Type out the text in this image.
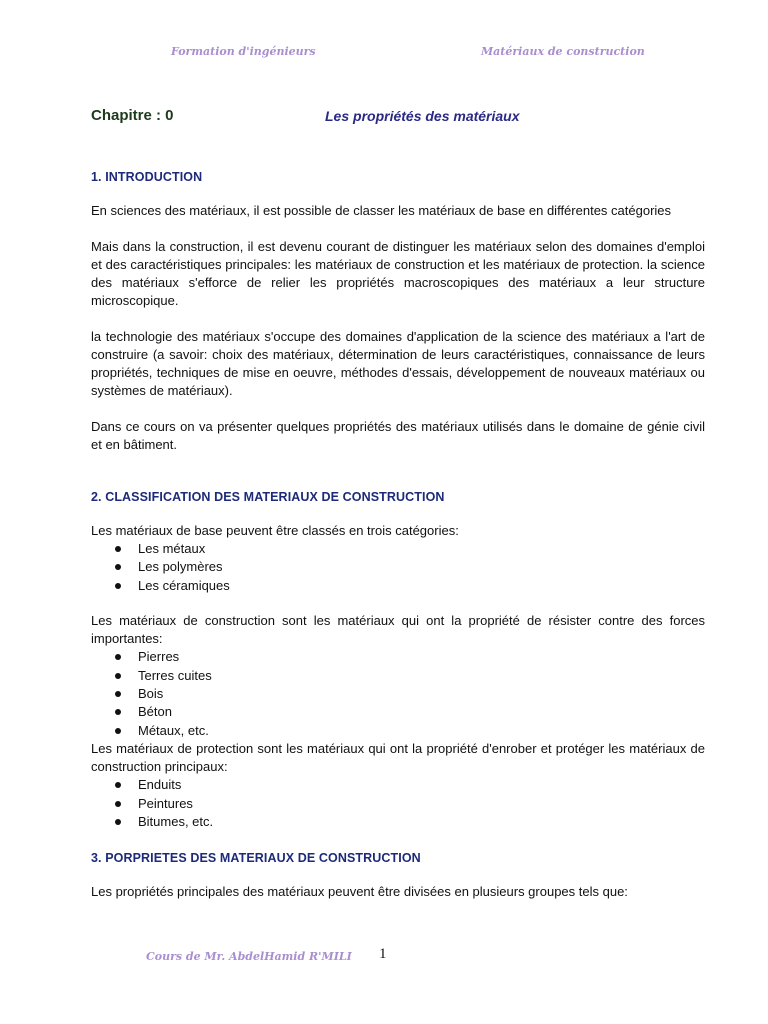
Formation d'ingénieurs	Matériaux de construction
Chapitre : 0	Les propriétés des matériaux
1. INTRODUCTION

En sciences des matériaux, il est possible de classer les matériaux de base en différentes catégories

Mais dans la construction, il est devenu courant de distinguer les matériaux selon des domaines d'emploi et des caractéristiques principales: les matériaux de construction et les matériaux de protection. la science des matériaux s'efforce de relier les propriétés macroscopiques des matériaux a leur structure microscopique.

la technologie des matériaux s'occupe des domaines d'application de la science des matériaux a l'art de construire (a savoir: choix des matériaux, détermination de leurs caractéristiques, connaissance de leurs propriétés, techniques de mise en oeuvre, méthodes d'essais, développement de nouveaux matériaux ou systèmes de matériaux).

Dans ce cours on va présenter quelques propriétés des matériaux utilisés dans le domaine de génie civil et en bâtiment.

2. CLASSIFICATION DES MATERIAUX DE CONSTRUCTION

Les matériaux de base peuvent être classés en trois catégories:

Les métaux
Les polymères
Les céramiques

Les matériaux de construction sont les matériaux qui ont la propriété de résister contre des forces importantes:

Pierres
Terres cuites
Bois
Béton
Métaux, etc.

Les matériaux de protection sont les matériaux qui ont la propriété d'enrober et protéger les matériaux de construction principaux:

Enduits
Peintures
Bitumes, etc.
3. PORPRIETES DES MATERIAUX DE CONSTRUCTION

Les propriétés principales des matériaux peuvent être divisées en plusieurs groupes tels que:

Cours de Mr. AbdelHamid R'MILI 1
